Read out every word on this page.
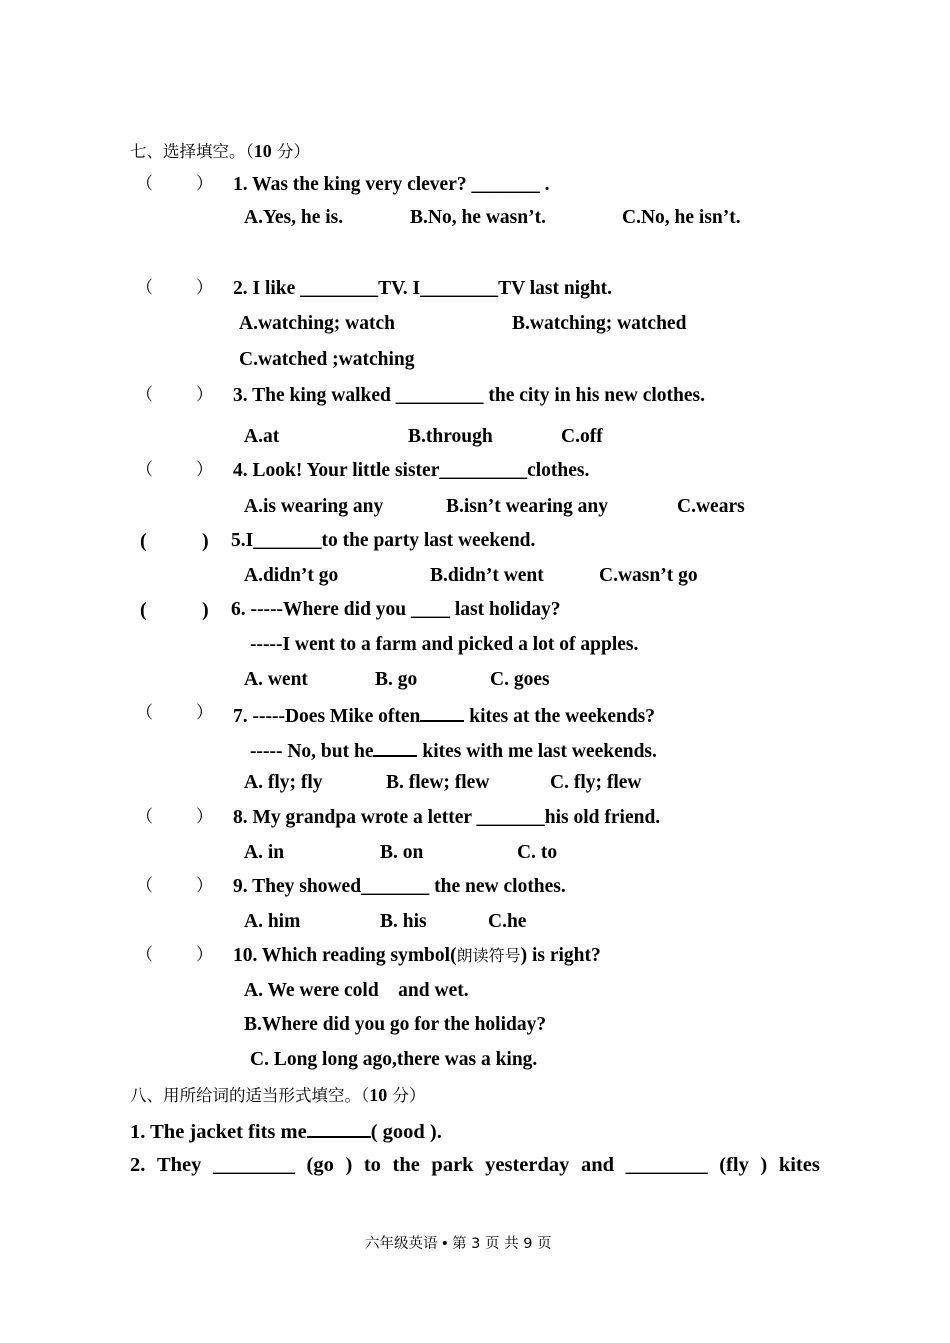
七、选择填空。（10 分）
（	） 1. Was the king very clever? _______ .
A.Yes, he is.	B.No, he wasn’t.	C.No, he isn’t.
（	） 2. I like ________TV. I________TV last night.
A.watching; watch	B.watching; watched
C.watched ;watching
（	） 3. The king walked _________ the city in his new clothes.
A.at	B.through	C.off
（	） 4. Look! Your little sister_________clothes.
A.is wearing any	B.isn’t wearing any	C.wears
(	) 5.I_______to the party last weekend.
A.didn’t go	B.didn’t went	C.wasn’t go
(	) 6. -----Where did you ____ last holiday?
-----I went to a farm and picked a lot of apples.
A. went	B. go	C. goes
（	） 7. -----Does Mike often kites at the weekends?
----- No, but he kites with me last weekends.
A. fly; fly	B. flew; flew	C. fly; flew
（	） 8. My grandpa wrote a letter _______his old friend.
A. in	B. on	C. to
（	） 9. They showed_______ the new clothes.
A. him	B. his	C.he
（	） 10. Which reading symbol(朗读符号) is right?
A. We were cold    and wet.
B.Where did you go for the holiday?
C. Long long ago,there was a king.
八、用所给词的适当形式填空。（10 分）
1. The jacket fits me	( good ).
2. They ________ (go ) to the park yesterday and ________ (fly ) kites
六年级英语 • 第 3 页 共 9 页
